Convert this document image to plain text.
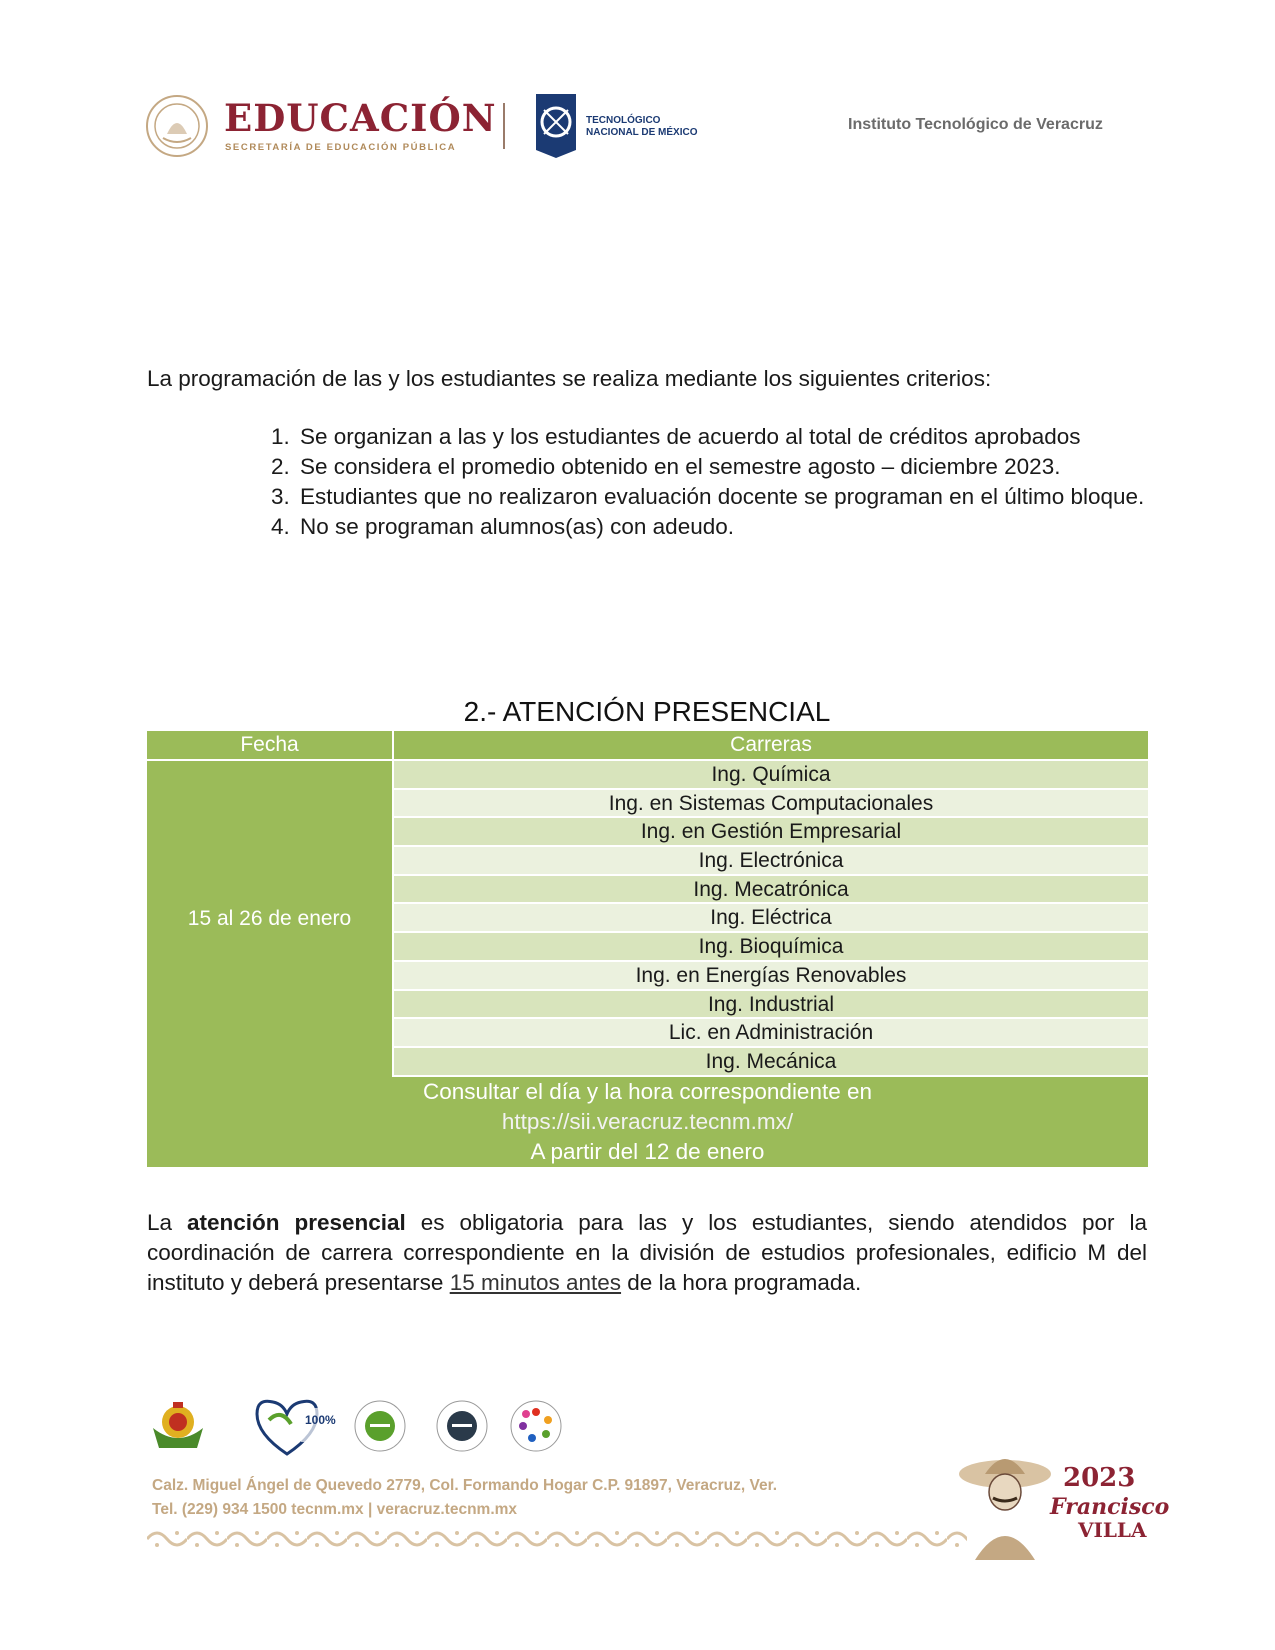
EDUCACIÓN
SECRETARÍA DE EDUCACIÓN PÚBLICA
TECNOLÓGICO
NACIONAL DE MÉXICO	Instituto Tecnológico de Veracruz
La programación de las y los estudiantes se realiza mediante los siguientes criterios:
1. Se organizan a las y los estudiantes de acuerdo al total de créditos aprobados
2. Se considera el promedio obtenido en el semestre agosto – diciembre 2023.
3. Estudiantes que no realizaron evaluación docente se programan en el último bloque.
4. No se programan alumnos(as) con adeudo.
2.- ATENCIÓN PRESENCIAL
Fecha	Carreras
15 al 26 de enero
Ing. Química
Ing. en Sistemas Computacionales
Ing. en Gestión Empresarial
Ing. Electrónica
Ing. Mecatrónica
Ing. Eléctrica
Ing. Bioquímica
Ing. en Energías Renovables
Ing. Industrial
Lic. en Administración
Ing. Mecánica
Consultar el día y la hora correspondiente en
https://sii.veracruz.tecnm.mx/
A partir del 12 de enero
La atención presencial es obligatoria para las y los estudiantes, siendo atendidos por la coordinación de carrera correspondiente en la división de estudios profesionales, edificio M del instituto y deberá presentarse 15 minutos antes de la hora programada.
100%
Calz. Miguel Ángel de Quevedo 2779, Col. Formando Hogar C.P. 91897, Veracruz, Ver.
Tel. (229) 934 1500 tecnm.mx | veracruz.tecnm.mx
2023
Francisco
VILLA
